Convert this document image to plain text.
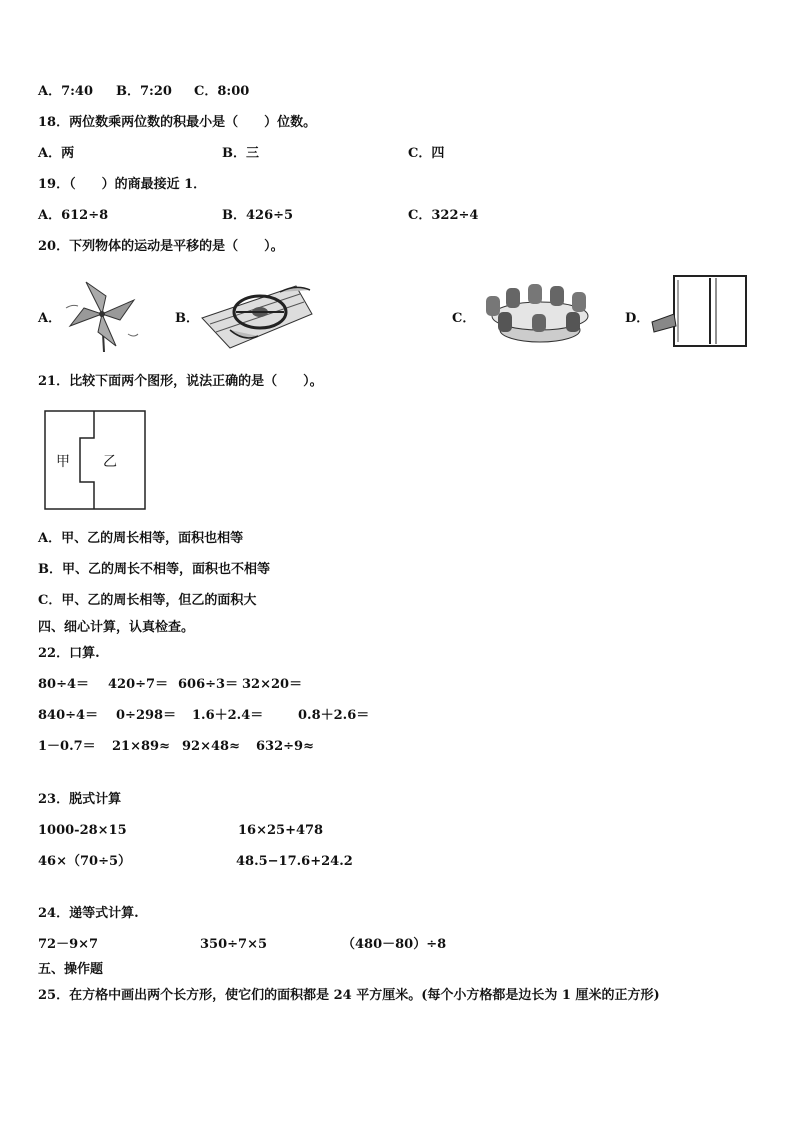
A．7:40 B．7:20 C．8:00
18．两位数乘两位数的积最小是（　　）位数。
A．两	B．三	C．四
19．（　　）的商最接近 1．
A．612÷8	B．426÷5	C．322÷4
20．下列物体的运动是平移的是（　　）。
A．	B．	C．	D．
21．比较下面两个图形，说法正确的是（　　）。
甲 乙
A．甲、乙的周长相等，面积也相等
B．甲、乙的周长不相等，面积也不相等
C．甲、乙的周长相等，但乙的面积大
四、细心计算，认真检查。
22．口算.
80÷4＝ 420÷7＝ 606÷3＝ 32×20＝
840÷4＝ 0÷298＝ 1.6＋2.4＝	0.8＋2.6＝
1－0.7＝ 21×89≈ 92×48≈ 632÷9≈
23．脱式计算
1000-28×15	16×25+478
46×（70÷5）	48.5−17.6+24.2
24．递等式计算.
72－9×7	350÷7×5	（480－80）÷8
五、操作题
25．在方格中画出两个长方形，使它们的面积都是 24 平方厘米。(每个小方格都是边长为 1 厘米的正方形)
